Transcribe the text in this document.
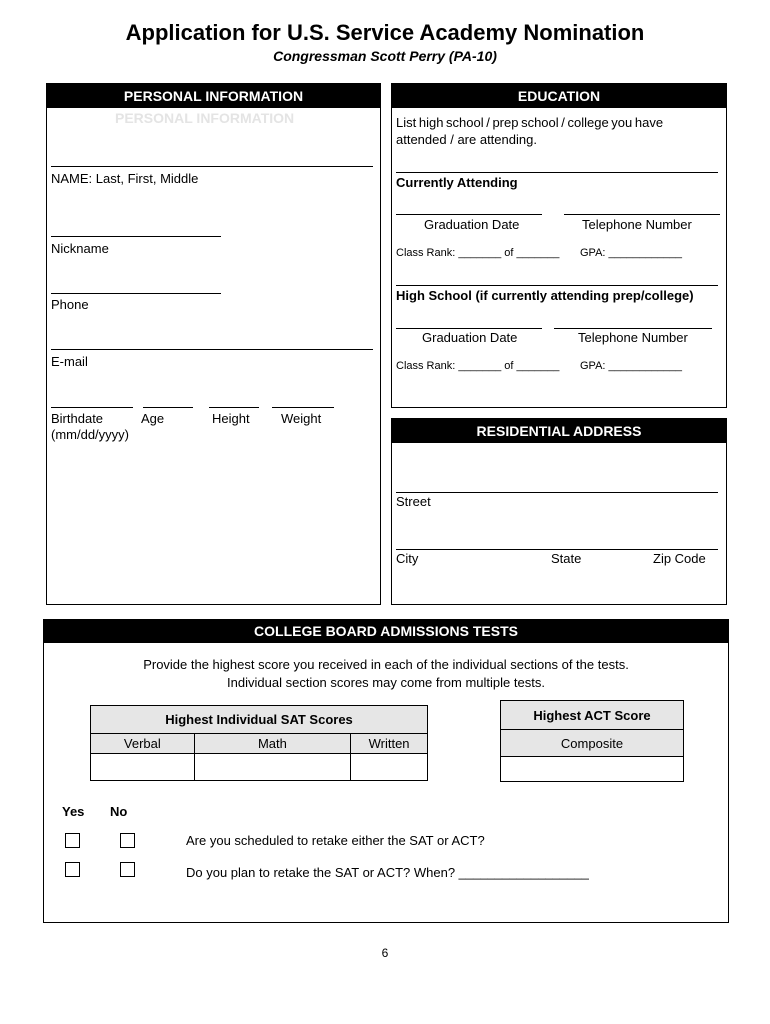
Application for U.S. Service Academy Nomination
Congressman Scott Perry (PA-10)
PERSONAL INFORMATION
PERSONAL INFORMATION
NAME: Last, First, Middle
Nickname
Phone
E-mail
Birthdate
(mm/dd/yyyy)
Age	Height Weight
EDUCATION
List high school / prep school / college you have
attended / are attending.
Currently Attending
Graduation Date	Telephone Number
Class Rank: _______ of _______ GPA: ____________
High School (if currently attending prep/college)
Graduation Date	Telephone Number
Class Rank: _______ of _______ GPA: ____________
RESIDENTIAL ADDRESS
Street
City	State	Zip Code
COLLEGE BOARD ADMISSIONS TESTS
Provide the highest score you received in each of the individual sections of the tests.
Individual section scores may come from multiple tests.
Highest Individual SAT Scores		
Verbal	Math	Written

Highest ACT Score
Composite

Yes No
Are you scheduled to retake either the SAT or ACT?
Do you plan to retake the SAT or ACT? When? __________________
6
